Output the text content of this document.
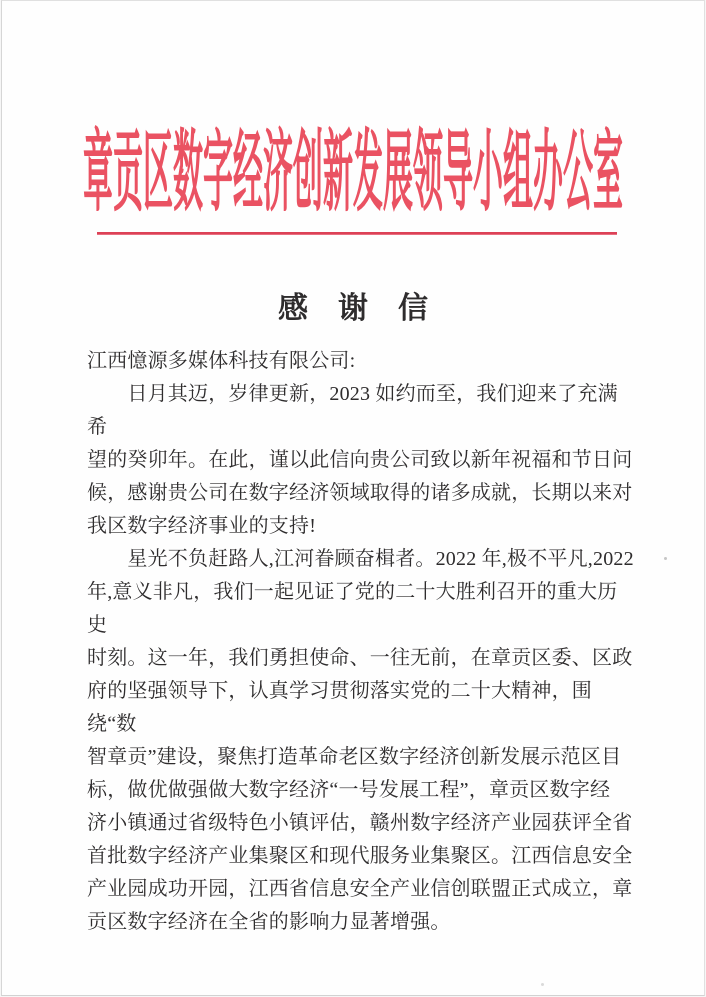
章贡区数字经济创新发展领导小组办公室
感　谢　信
江西憶源多媒体科技有限公司:
　　日月其迈，岁律更新，2023 如约而至，我们迎来了充满希
望的癸卯年。在此，谨以此信向贵公司致以新年祝福和节日问
候，感谢贵公司在数字经济领域取得的诸多成就，长期以来对
我区数字经济事业的支持!
　　星光不负赶路人,江河眷顾奋楫者。2022 年,极不平凡,2022
年,意义非凡，我们一起见证了党的二十大胜利召开的重大历史
时刻。这一年，我们勇担使命、一往无前，在章贡区委、区政
府的坚强领导下，认真学习贯彻落实党的二十大精神，围绕“数
智章贡”建设，聚焦打造革命老区数字经济创新发展示范区目
标，做优做强做大数字经济“一号发展工程”，章贡区数字经
济小镇通过省级特色小镇评估，赣州数字经济产业园获评全省
首批数字经济产业集聚区和现代服务业集聚区。江西信息安全
产业园成功开园，江西省信息安全产业信创联盟正式成立，章
贡区数字经济在全省的影响力显著增强。
